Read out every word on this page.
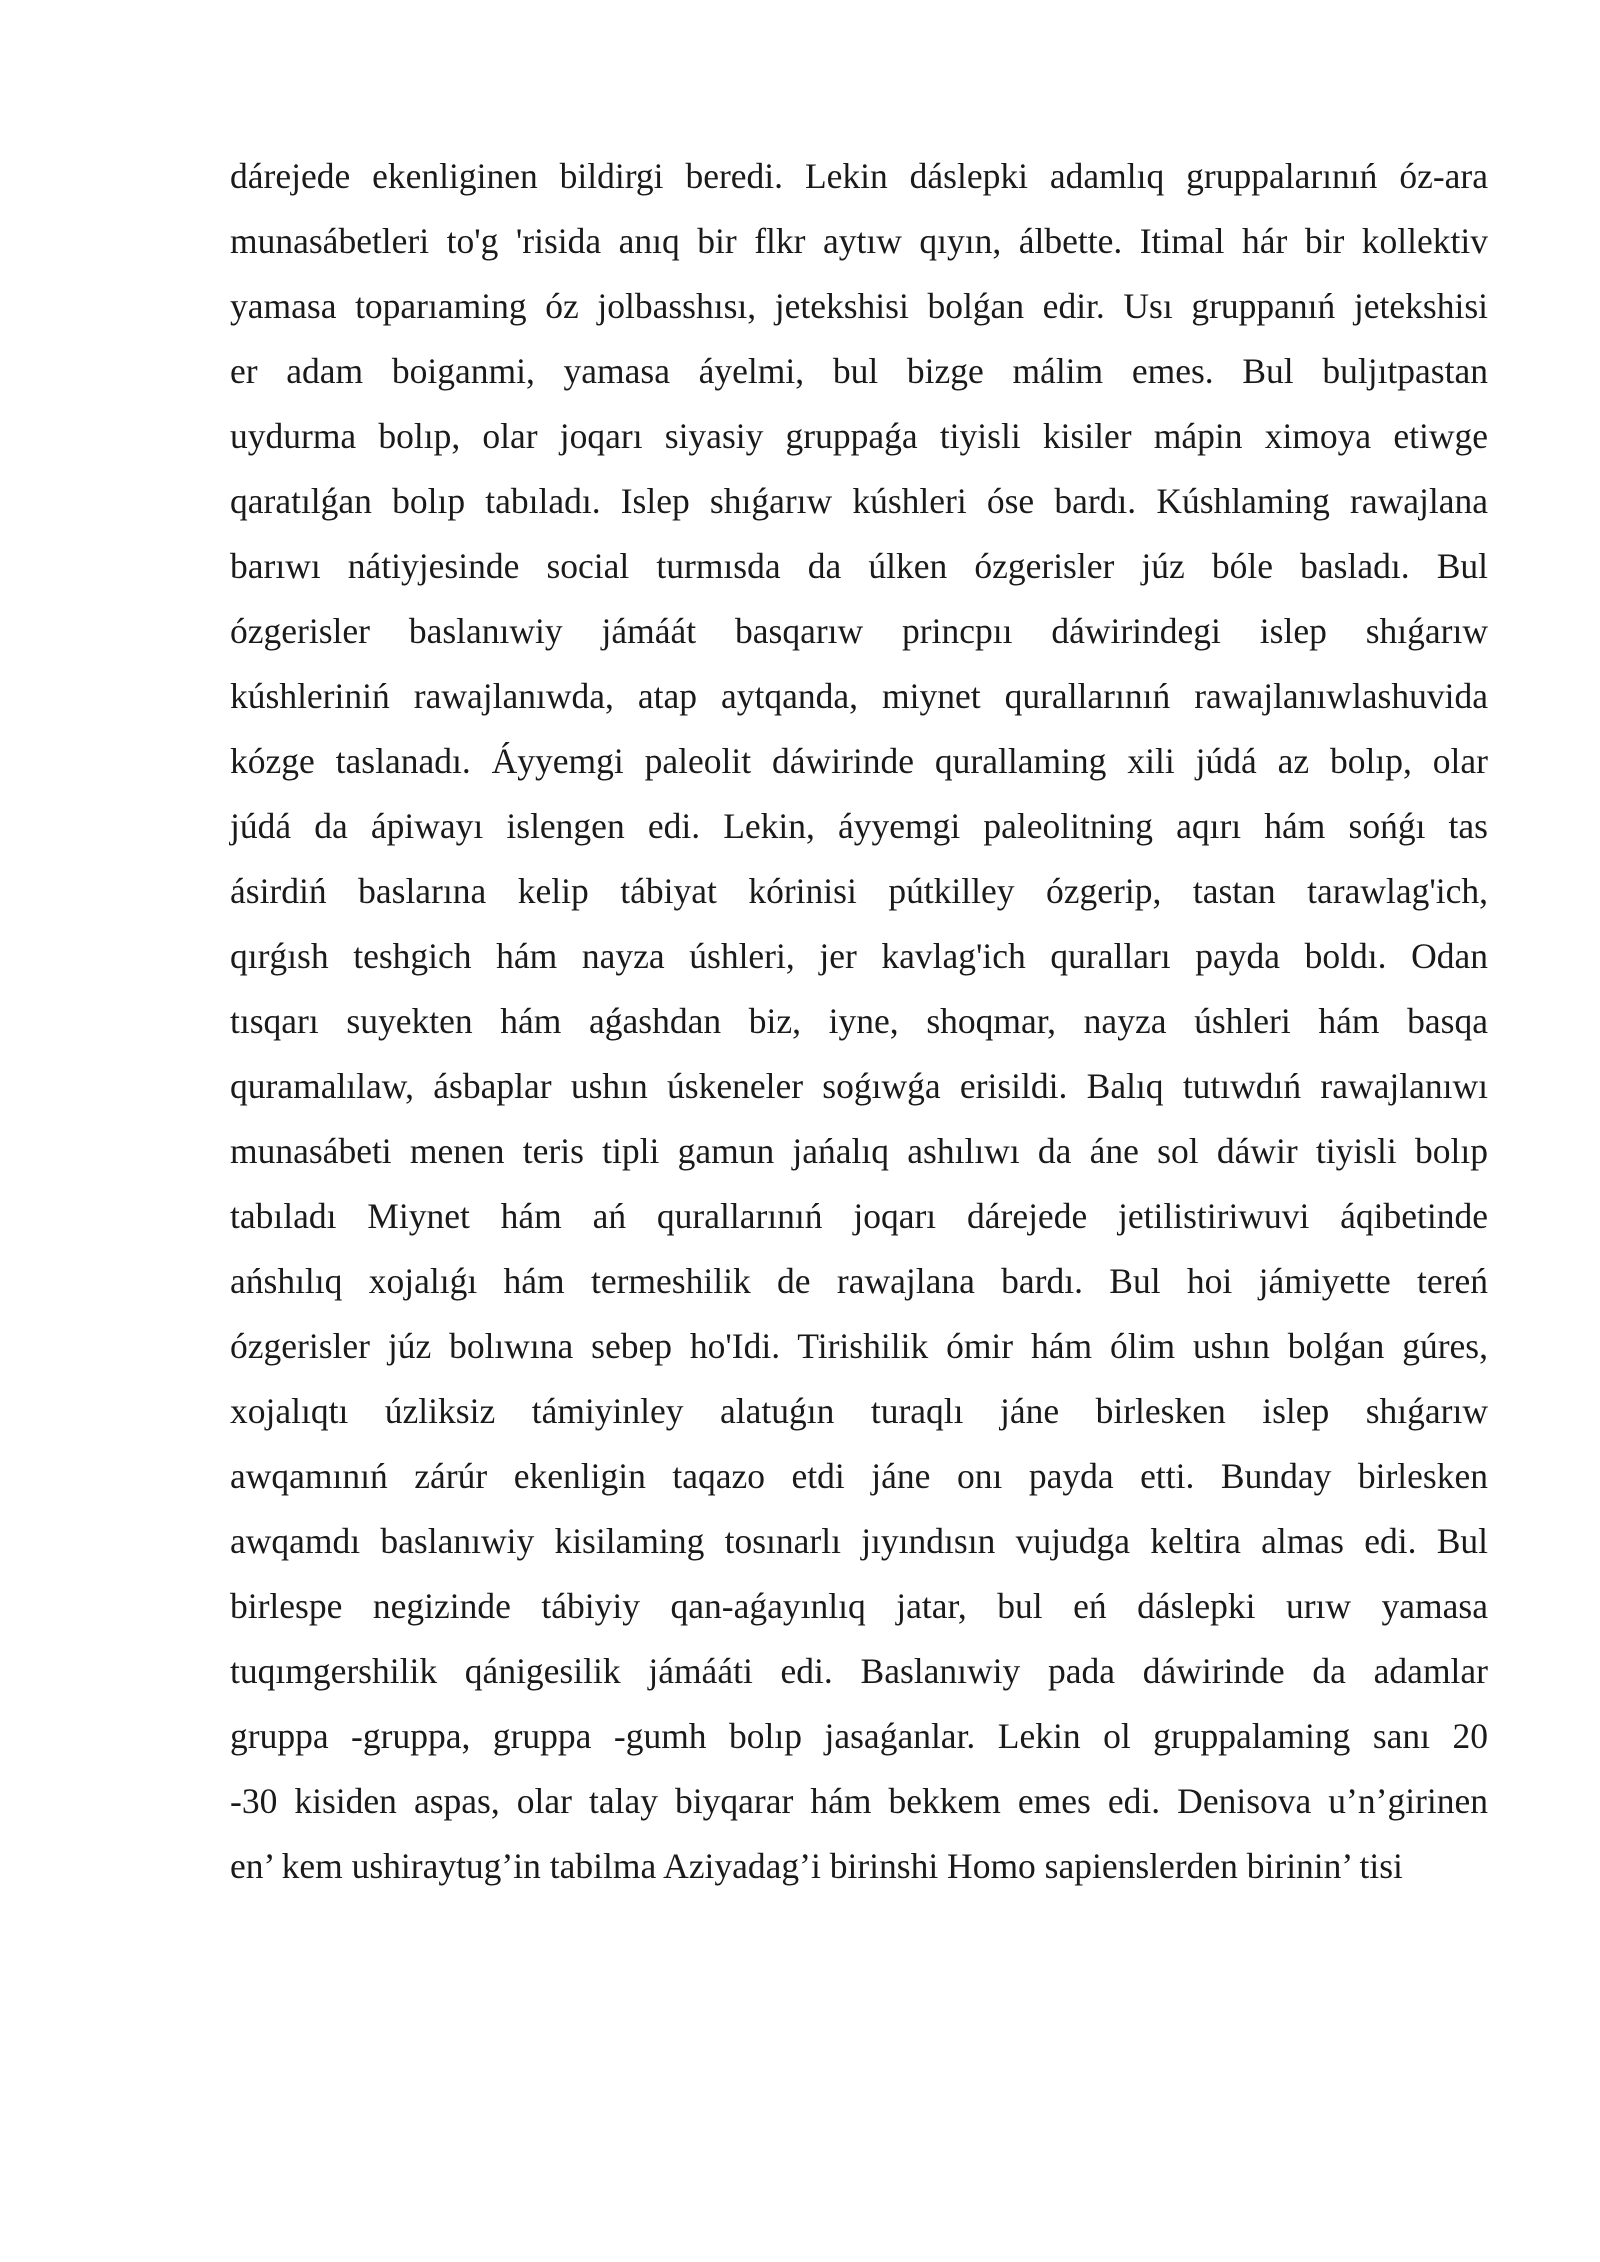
dárejede ekenliginen bildirgi beredi. Lekin dáslepki adamlıq gruppalarınıń óz-ara
munasábetleri to'g 'risida anıq bir flkr aytıw qıyın, álbette. Itimal hár bir kollektiv
yamasa toparıaming óz jolbasshısı, jetekshisi bolǵan edir. Usı gruppanıń jetekshisi
er adam boiganmi, yamasa áyelmi, bul bizge málim emes. Bul buljıtpastan
uydurma bolıp, olar joqarı siyasiy gruppaǵa tiyisli kisiler mápin ximoya etiwge
qaratılǵan bolıp tabıladı. Islep shıǵarıw kúshleri óse bardı. Kúshlaming rawajlana
barıwı nátiyjesinde social turmısda da úlken ózgerisler júz bóle basladı. Bul
ózgerisler baslanıwiy jámáát basqarıw princpıı dáwirindegi islep shıǵarıw
kúshleriniń rawajlanıwda, atap aytqanda, miynet qurallarınıń rawajlanıwlashuvida
kózge taslanadı. Áyyemgi paleolit dáwirinde qurallaming xili júdá az bolıp, olar
júdá da ápiwayı islengen edi. Lekin, áyyemgi paleolitning aqırı hám sońǵı tas
ásirdiń baslarına kelip tábiyat kórinisi pútkilley ózgerip, tastan tarawlag'ich,
qırǵısh teshgich hám nayza úshleri, jer kavlag'ich quralları payda boldı. Odan
tısqarı suyekten hám aǵashdan biz, iyne, shoqmar, nayza úshleri hám basqa
quramalılaw, ásbaplar ushın úskeneler soǵıwǵa erisildi. Balıq tutıwdıń rawajlanıwı
munasábeti menen teris tipli gamun jańalıq ashılıwı da áne sol dáwir tiyisli bolıp
tabıladı Miynet hám ań qurallarınıń joqarı dárejede jetilistiriwuvi áqibetinde
ańshılıq xojalıǵı hám termeshilik de rawajlana bardı. Bul hoi jámiyette tereń
ózgerisler júz bolıwına sebep ho'Idi. Tirishilik ómir hám ólim ushın bolǵan gúres,
xojalıqtı úzliksiz támiyinley alatuǵın turaqlı jáne birlesken islep shıǵarıw
awqamınıń zárúr ekenligin taqazo etdi jáne onı payda etti. Bunday birlesken
awqamdı baslanıwiy kisilaming tosınarlı jıyındısın vujudga keltira almas edi. Bul
birlespe negizinde tábiyiy qan-aǵayınlıq jatar, bul eń dáslepki urıw yamasa
tuqımgershilik qánigesilik jámááti edi. Baslanıwiy pada dáwirinde da adamlar
gruppa -gruppa, gruppa -gumh bolıp jasaǵanlar. Lekin ol gruppalaming sanı 20
-30 kisiden aspas, olar talay biyqarar hám bekkem emes edi. Denisova u’n’girinen
en’ kem ushiraytug’in tabilma Aziyadag’i birinshi Homo sapienslerden birinin’ tisi
